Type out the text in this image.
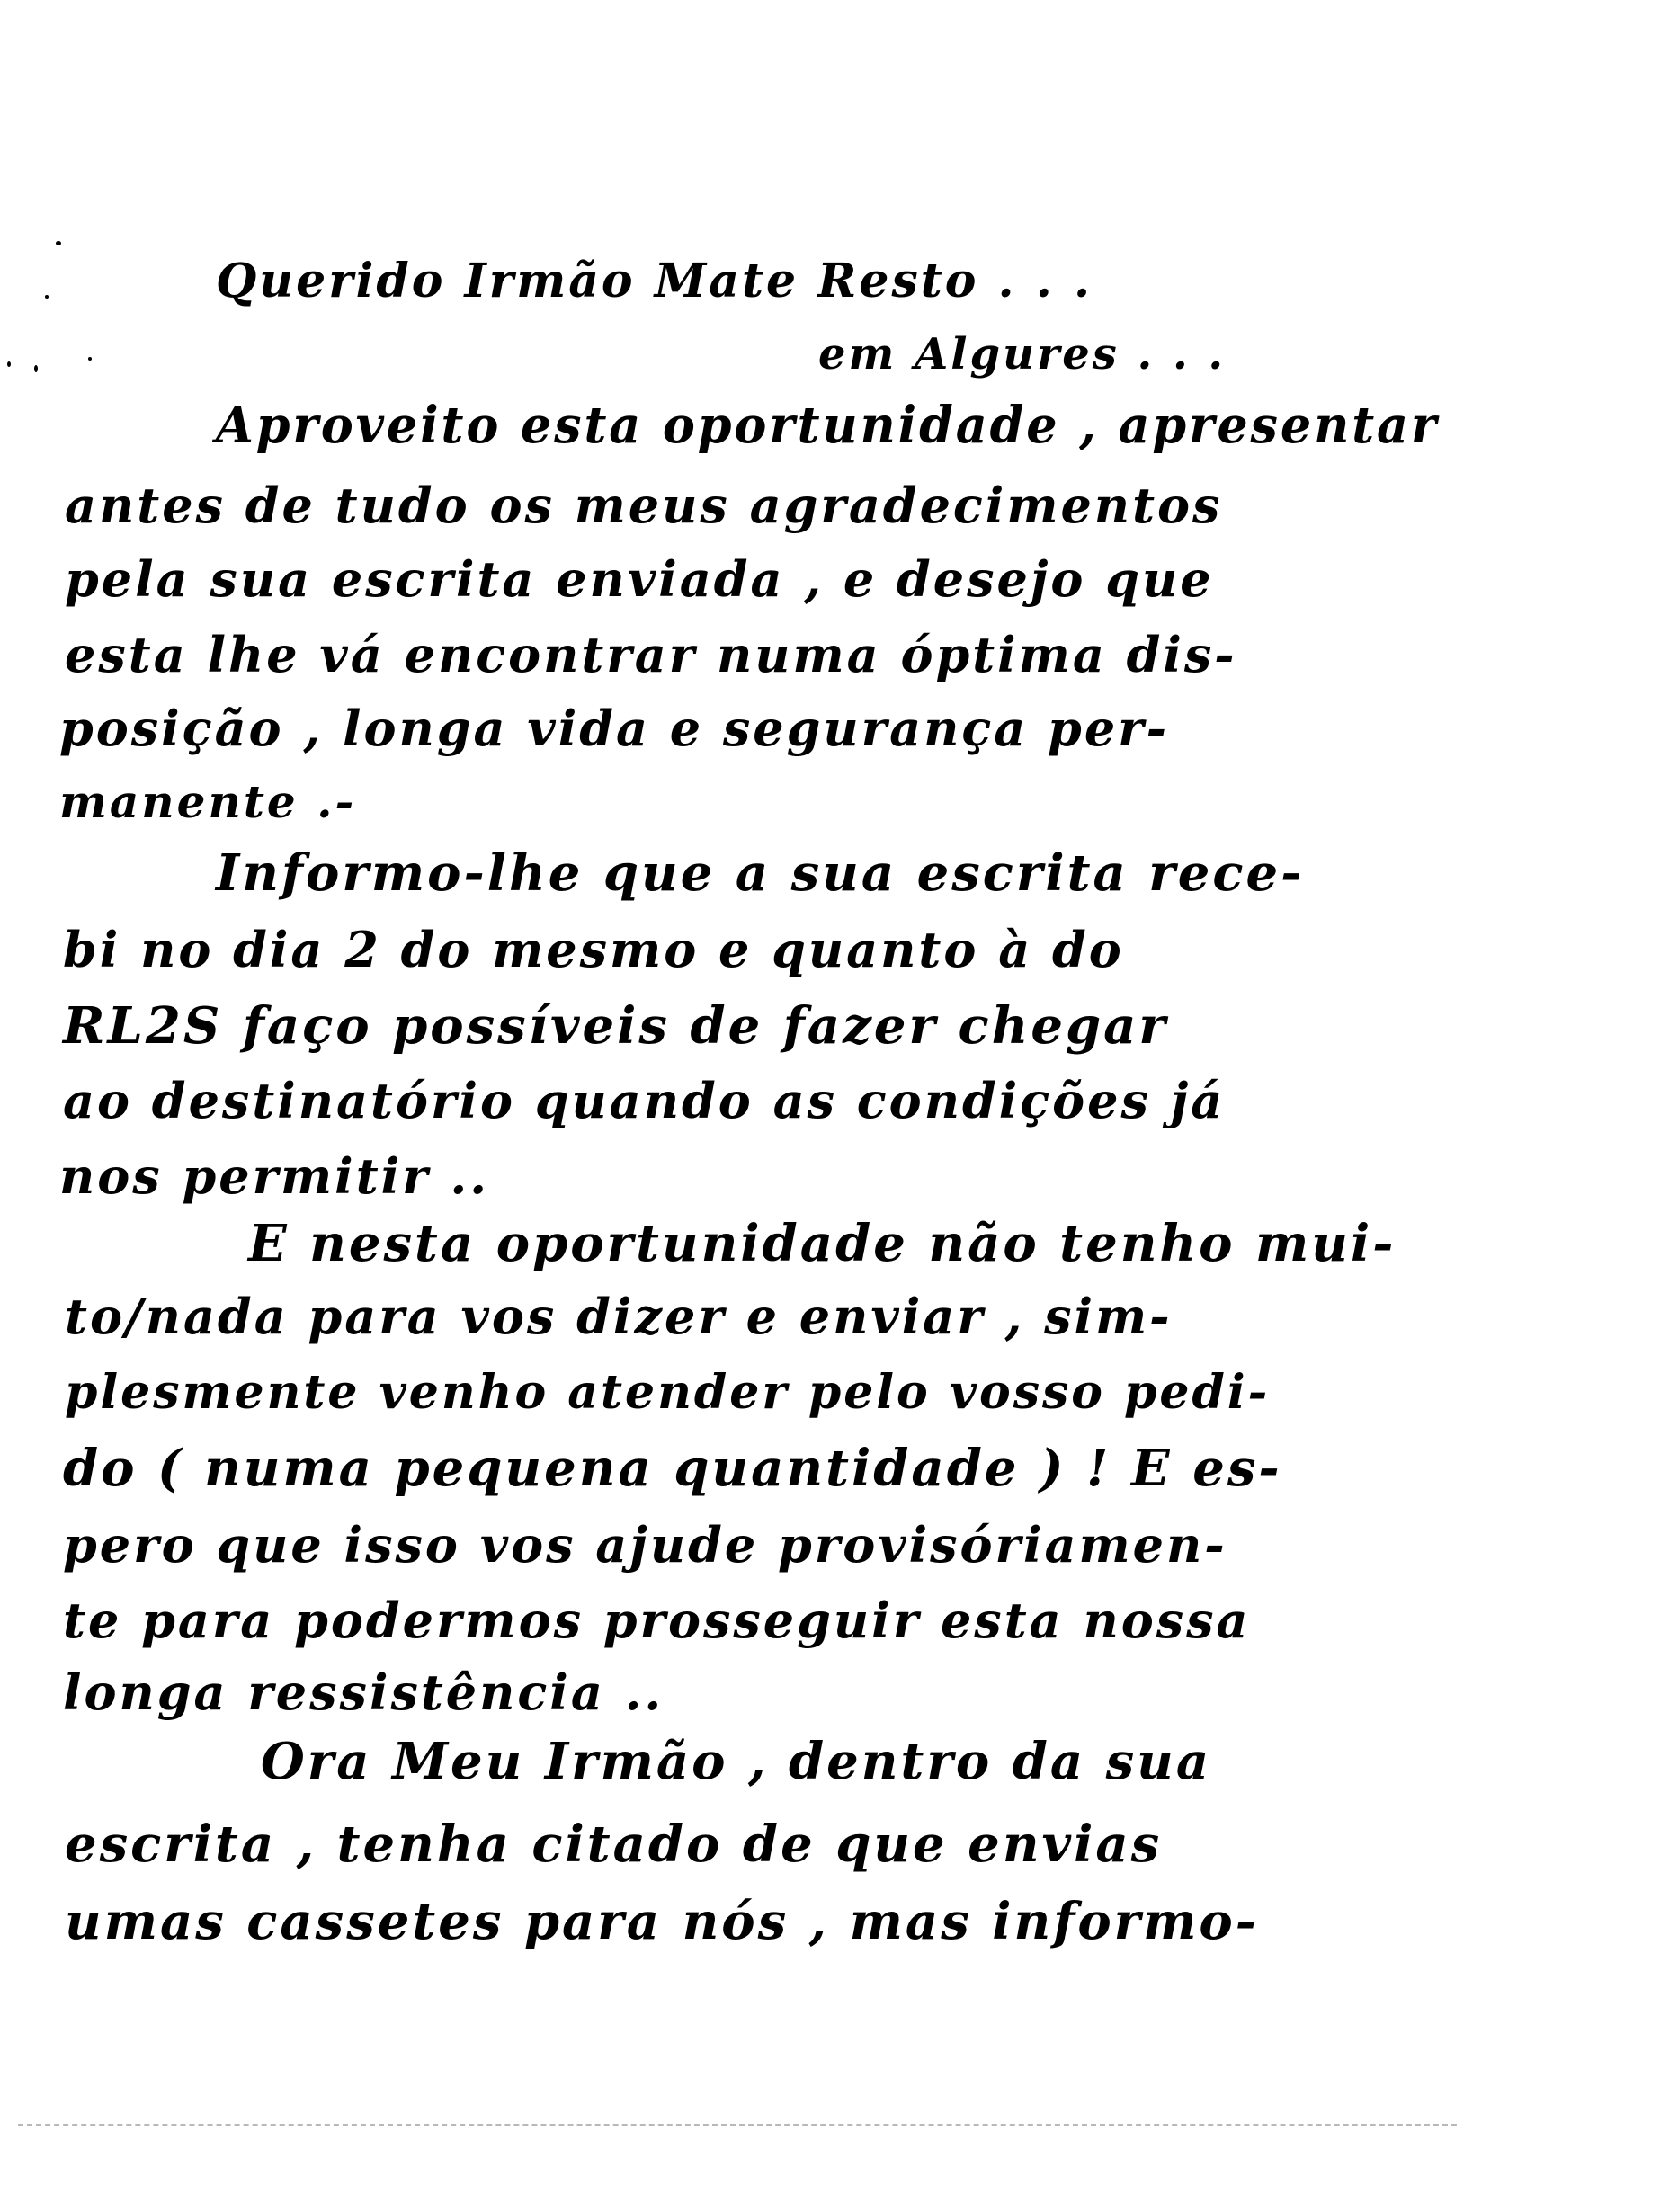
Querido Irmão Mate Resto . . .
em Algures . . .
Aproveito esta oportunidade , apresentar
antes de tudo os meus agradecimentos
pela sua escrita enviada , e desejo que
esta lhe vá encontrar numa óptima dis-
posição , longa vida e segurança per-
manente .-
Informo-lhe que a sua escrita rece-
bi no dia 2 do mesmo e quanto à do
RL2S faço possíveis de fazer chegar
ao destinatório quando as condições já
nos permitir ..
E nesta oportunidade não tenho mui-
to/nada para vos dizer e enviar , sim-
plesmente venho atender pelo vosso pedi-
do ( numa pequena quantidade ) ! E es-
pero que isso vos ajude provisóriamen-
te para podermos prosseguir esta nossa
longa ressistência ..
Ora Meu Irmão , dentro da sua
escrita , tenha citado de que envias
umas cassetes para nós , mas informo-
